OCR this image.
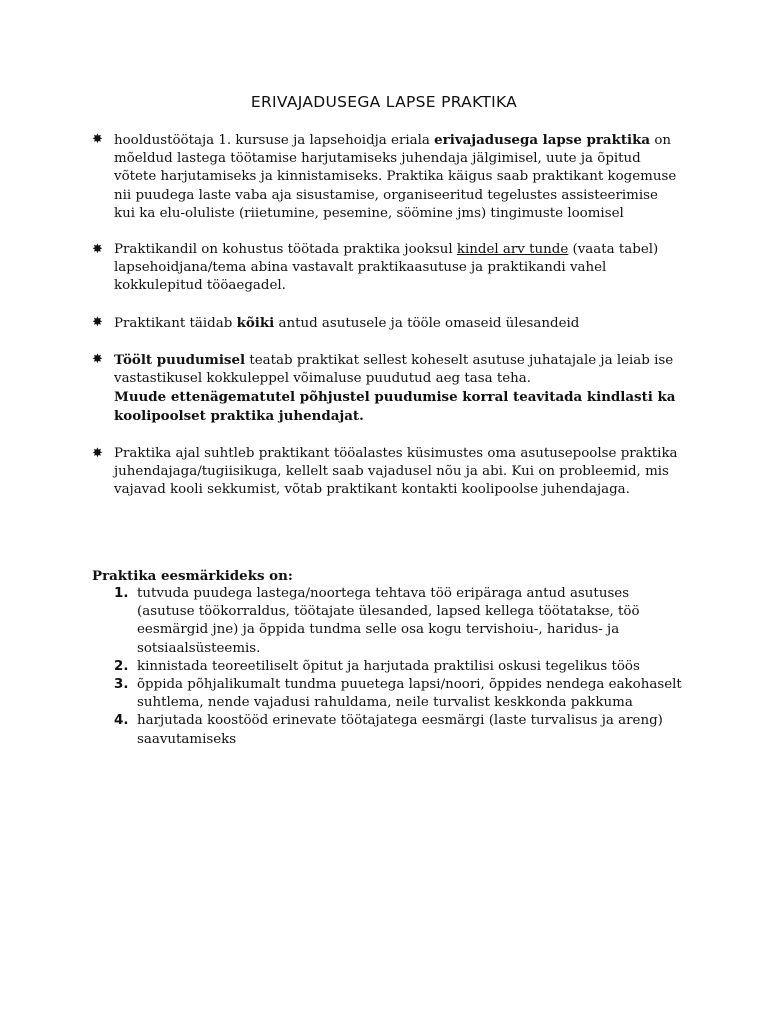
ERIVAJADUSEGA LAPSE PRAKTIKA
✸ hooldustöötaja 1. kursuse ja lapsehoidja eriala erivajadusega lapse praktika on mõeldud lastega töötamise harjutamiseks juhendaja jälgimisel, uute ja õpitud võtete harjutamiseks ja kinnistamiseks. Praktika käigus saab praktikant kogemuse nii puudega laste vaba aja sisustamise, organiseeritud tegelustes assisteerimise kui ka elu-oluliste (riietumine, pesemine, söömine jms) tingimuste loomisel

✸ Praktikandil on kohustus töötada praktika jooksul kindel arv tunde (vaata tabel) lapsehoidjana/tema abina vastavalt praktikaasutuse ja praktikandi vahel kokkulepitud tööaegadel.

✸ Praktikant täidab kõiki antud asutusele ja tööle omaseid ülesandeid

✸ Töölt puudumisel teatab praktikat sellest koheselt asutuse juhatajale ja leiab ise vastastikusel kokkuleppel võimaluse puudutud aeg tasa teha.
Muude ettenägematutel põhjustel puudumise korral teavitada kindlasti ka koolipoolset praktika juhendajat.

✸ Praktika ajal suhtleb praktikant tööalastes küsimustes oma asutusepoolse praktika juhendajaga/tugiisikuga, kellelt saab vajadusel nõu ja abi. Kui on probleemid, mis vajavad kooli sekkumist, võtab praktikant kontakti koolipoolse juhendajaga.

Praktika eesmärkideks on:

1. tutvuda puudega lastega/noortega tehtava töö eripäraga antud asutuses (asutuse töökorraldus, töötajate ülesanded, lapsed kellega töötatakse, töö eesmärgid jne) ja õppida tundma selle osa kogu tervishoiu-, haridus- ja sotsiaalsüsteemis.
2. kinnistada teoreetiliselt õpitut ja harjutada praktilisi oskusi tegelikus töös
3. õppida põhjalikumalt tundma puuetega lapsi/noori, õppides nendega eakohaselt suhtlema, nende vajadusi rahuldama, neile turvalist keskkonda pakkuma
4. harjutada koostööd erinevate töötajatega eesmärgi (laste turvalisus ja areng) saavutamiseks
